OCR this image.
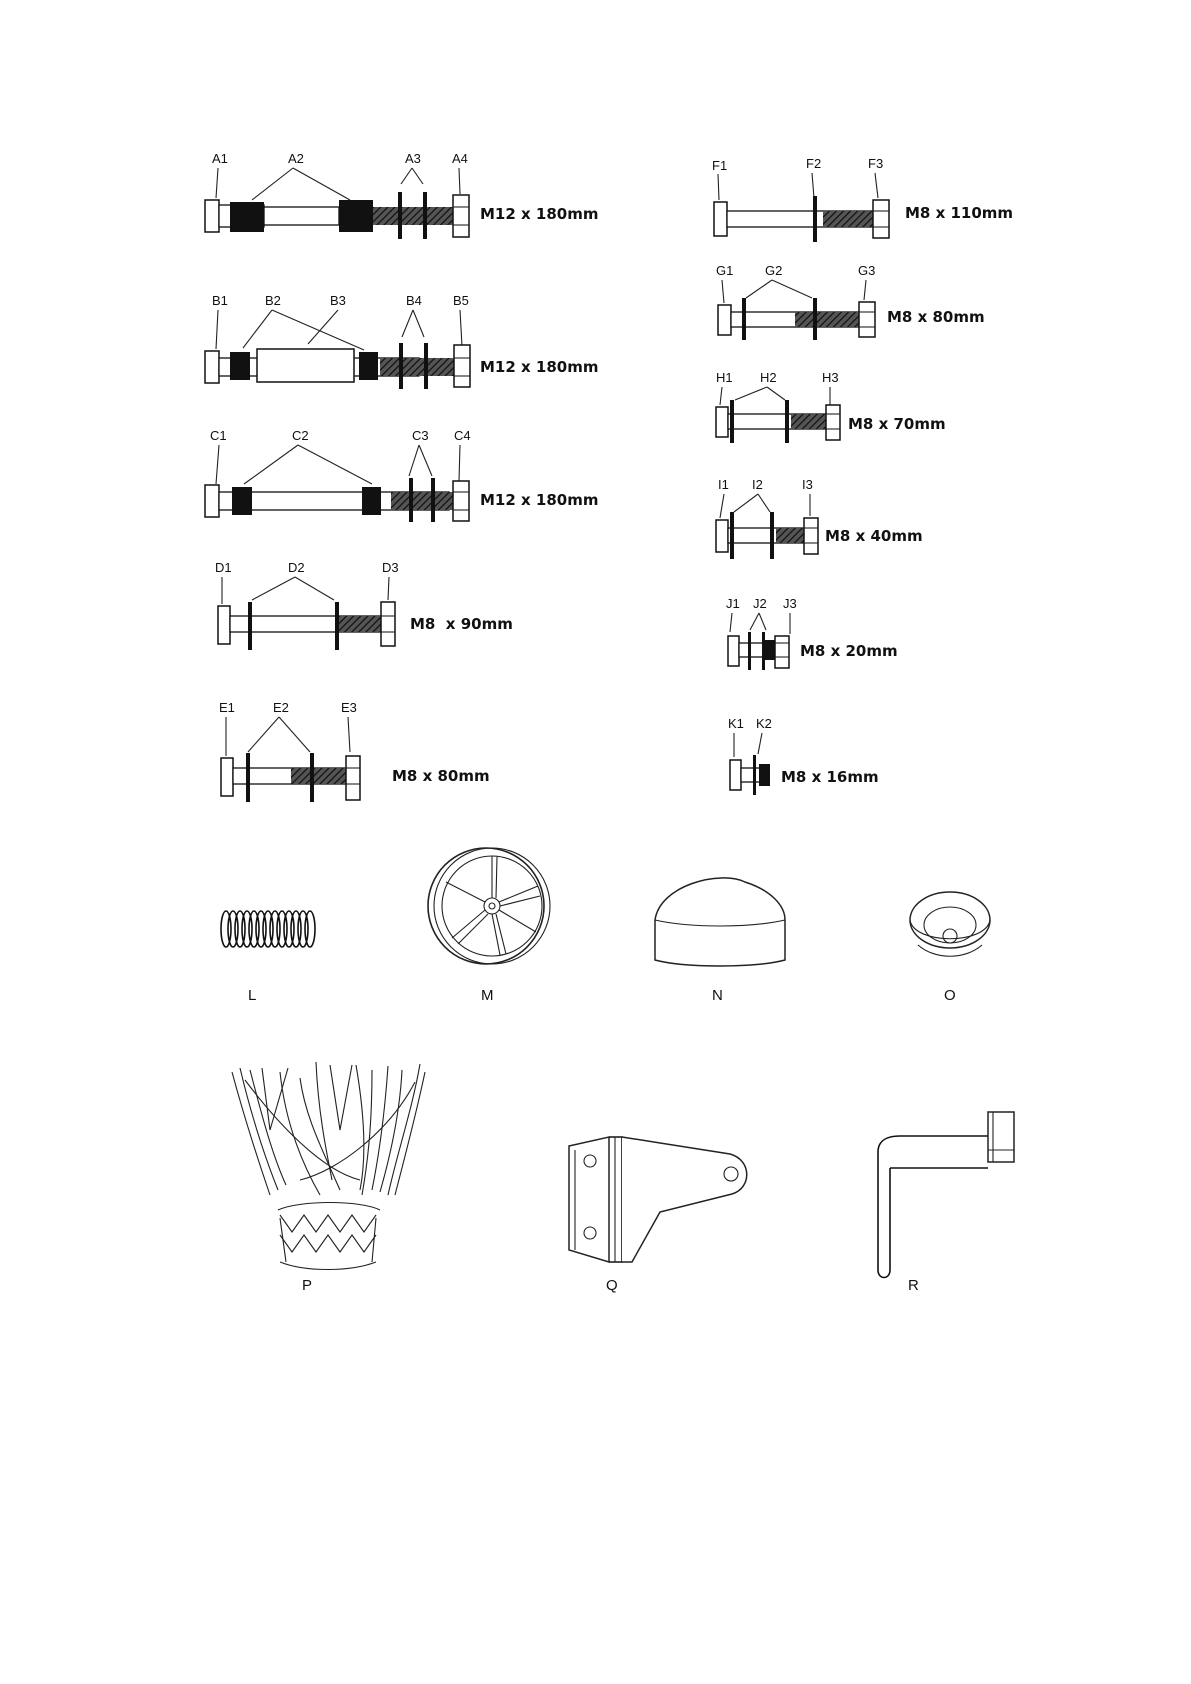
A1	A2	A3 A4
M12 x 180mm
B1	B2	B3	B4 B5
M12 x 180mm
C1	C2	C3 C4
M12 x 180mm
D1	D2	D3
M8  x 90mm
E1	E2	E3
M8 x 80mm
F1	F2	F3
M8 x 110mm
G1 G2	G3
M8 x 80mm
H1 H2	H3
M8 x 70mm
I1 I2	I3
M8 x 40mm
J1 J2 J3
M8 x 20mm
K1 K2
M8 x 16mm
L	M	N	O
P	Q	R
